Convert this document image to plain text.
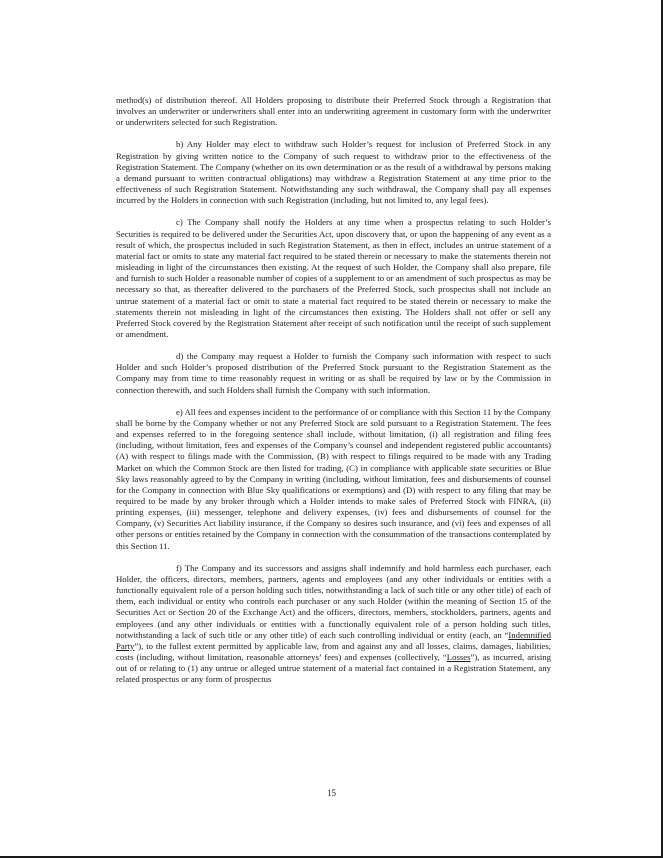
method(s) of distribution thereof. All Holders proposing to distribute their Preferred Stock through a Registration that involves an underwriter or underwriters shall enter into an underwriting agreement in customary form with the underwriter or underwriters selected for such Registration.

b) Any Holder may elect to withdraw such Holder’s request for inclusion of Preferred Stock in any Registration by giving written notice to the Company of such request to withdraw prior to the effectiveness of the Registration Statement. The Company (whether on its own determination or as the result of a withdrawal by persons making a demand pursuant to written contractual obligations) may withdraw a Registration Statement at any time prior to the effectiveness of such Registration Statement. Notwithstanding any such withdrawal, the Company shall pay all expenses incurred by the Holders in connection with such Registration (including, but not limited to, any legal fees).

c) The Company shall notify the Holders at any time when a prospectus relating to such Holder’s Securities is required to be delivered under the Securities Act, upon discovery that, or upon the happening of any event as a result of which, the prospectus included in such Registration Statement, as then in effect, includes an untrue statement of a material fact or omits to state any material fact required to be stated therein or necessary to make the statements therein not misleading in light of the circumstances then existing. At the request of such Holder, the Company shall also prepare, file and furnish to such Holder a reasonable number of copies of a supplement to or an amendment of such prospectus as may be necessary so that, as thereafter delivered to the purchasers of the Preferred Stock, such prospectus shall not include an untrue statement of a material fact or omit to state a material fact required to be stated therein or necessary to make the statements therein not misleading in light of the circumstances then existing. The Holders shall not offer or sell any Preferred Stock covered by the Registration Statement after receipt of such notification until the receipt of such supplement or amendment.

d) the Company may request a Holder to furnish the Company such information with respect to such Holder and such Holder’s proposed distribution of the Preferred Stock pursuant to the Registration Statement as the Company may from time to time reasonably request in writing or as shall be required by law or by the Commission in connection therewith, and such Holders shall furnish the Company with such information.

e) All fees and expenses incident to the performance of or compliance with this Section 11 by the Company shall be borne by the Company whether or not any Preferred Stock are sold pursuant to a Registration Statement. The fees and expenses referred to in the foregoing sentence shall include, without limitation, (i) all registration and filing fees (including, without limitation, fees and expenses of the Company’s counsel and independent registered public accountants) (A) with respect to filings made with the Commission, (B) with respect to filings required to be made with any Trading Market on which the Common Stock are then listed for trading, (C) in compliance with applicable state securities or Blue Sky laws reasonably agreed to by the Company in writing (including, without limitation, fees and disbursements of counsel for the Company in connection with Blue Sky qualifications or exemptions) and (D) with respect to any filing that may be required to be made by any broker through which a Holder intends to make sales of Preferred Stock with FINRA, (ii) printing expenses, (iii) messenger, telephone and delivery expenses, (iv) fees and disbursements of counsel for the Company, (v) Securities Act liability insurance, if the Company so desires such insurance, and (vi) fees and expenses of all other persons or entities retained by the Company in connection with the consummation of the transactions contemplated by this Section 11.

f) The Company and its successors and assigns shall indemnify and hold harmless each purchaser, each Holder, the officers, directors, members, partners, agents and employees (and any other individuals or entities with a functionally equivalent role of a person holding such titles, notwithstanding a lack of such title or any other title) of each of them, each individual or entity who controls each purchaser or any such Holder (within the meaning of Section 15 of the Securities Act or Section 20 of the Exchange Act) and the officers, directors, members, stockholders, partners, agents and employees (and any other individuals or entities with a functionally equivalent role of a person holding such titles, notwithstanding a lack of such title or any other title) of each such controlling individual or entity (each, an “Indemnified Party”), to the fullest extent permitted by applicable law, from and against any and all losses, claims, damages, liabilities, costs (including, without limitation, reasonable attorneys’ fees) and expenses (collectively, “Losses”), as incurred, arising out of or relating to (1) any untrue or alleged untrue statement of a material fact contained in a Registration Statement, any related prospectus or any form of prospectus

15
